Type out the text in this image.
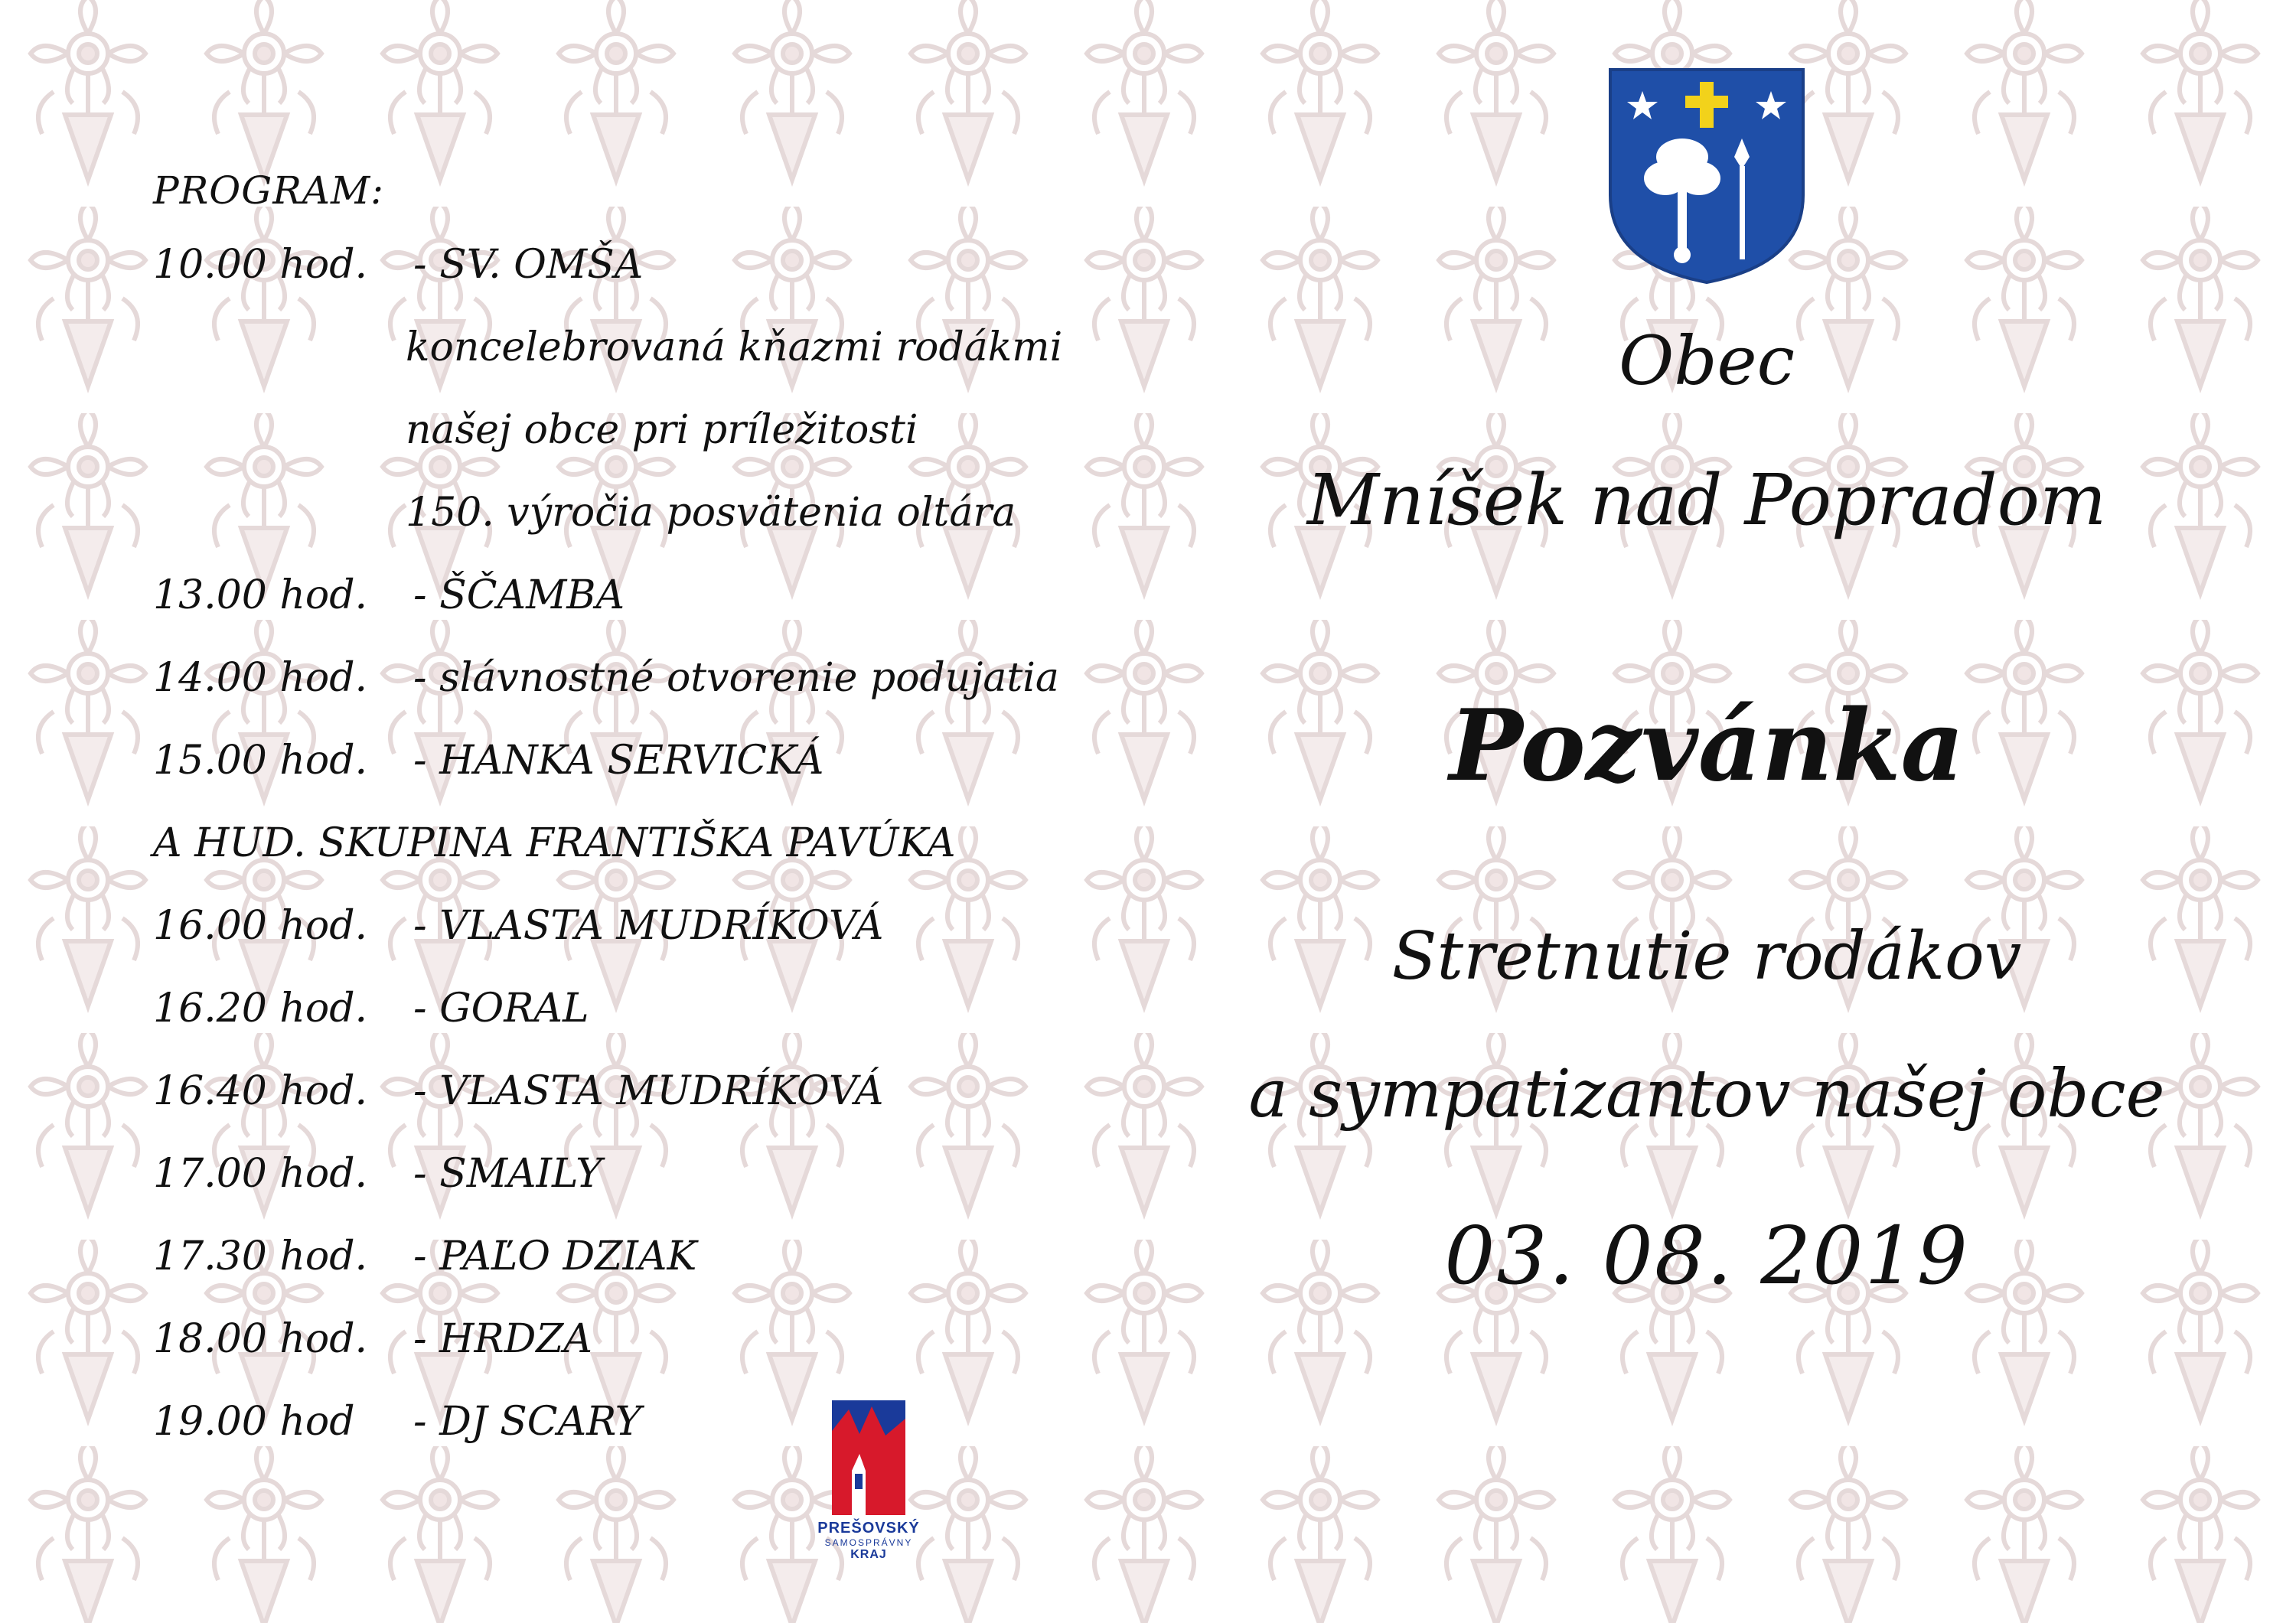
PROGRAM:
10.00 hod. - SV. OMŠA
koncelebrovaná kňazmi rodákmi
našej obce pri príležitosti
150. výročia posvätenia oltára
13.00 hod. - ŠČAMBA
14.00 hod. - slávnostné otvorenie podujatia
15.00 hod. - HANKA SERVICKÁ
A HUD. SKUPINA FRANTIŠKA PAVÚKA
16.00 hod. - VLASTA MUDRÍKOVÁ
16.20 hod. - GORAL
16.40 hod. - VLASTA MUDRÍKOVÁ
17.00 hod. - SMAILY
17.30 hod. - PAĽO DZIAK
18.00 hod. - HRDZA
19.00 hod - DJ SCARY
Obec
Mníšek nad Popradom
Pozvánka
Stretnutie rodákov
a sympatizantov našej obce
03. 08. 2019
PREŠOVSKÝ
SAMOSPRÁVNY
KRAJ
